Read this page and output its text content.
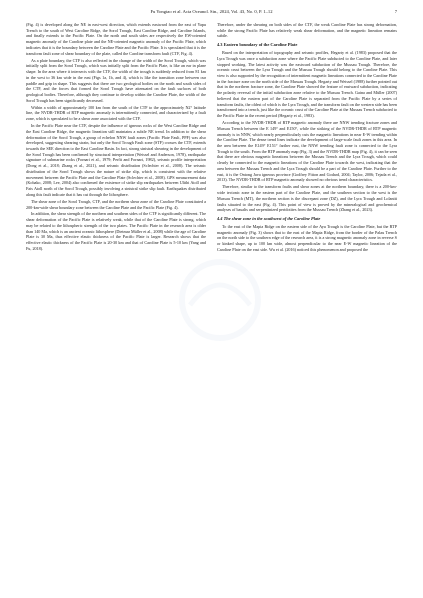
Fu Yongtao et al. Acta Oceanol. Sin., 2024, Vol. 43, No. 0, P. 1–12	7

(Fig. 4) is developed along the NE in east-west direction, which extends eastward from the east of Yapu Trench to the south of West Caroline Ridge, the Sorol Trough, East Caroline Ridge, and Caroline Islands, and finally extends to the Pacific Plate. On the north and south sides are respectively the EW-oriented magnetic anomaly of the Caroline plate and the NE-oriented magnetic anomaly of the Pacific Plate, which indicates that it is the boundary between the Caroline Plate and the Pacific Plate. It is speculated that it is the transform fault zone of shear boundary of the plate, called the Caroline transform fault (CTF, Fig. 4).

As a plate boundary, the CTF is also reflected in the change of the width of the Sorol Trough, which was initially split from the Sorol Trough, which was initially split from the Pacific Plate, is like an ear in plane shape. In the area where it intersects with the CTF, the width of the trough is suddenly reduced from 81 km in the west to 36 km wide in the east (Figs 1a, 1b, and 4), which is like the transition zone between our paddle and grip in shape. This suggests that there are two geological bodies on the north and south sides of the CTF, and the forces that formed the Sorol Trough have attenuated on the fault surfaces of both geological bodies. Therefore, although they continue to develop within the Caroline Plate, the width of the Sorol Trough has been significantly decreased.

Within a width of approximately 100 km from the south of the CTF to the approximately N2° latitude line, the NVDR-THDR of RTP magnetic anomaly is intermittently connected, and characterized by a fault zone, which is speculated to be a shear zone associated with the CTF.

In the Pacific Plate near the CTF, despite the influence of igneous rocks of the West Caroline Ridge and the East Caroline Ridge, the magnetic lineation still maintains a subtle NE trend. In addition to the shear deformation of the Sorol Trough, a group of echelon NNW fault zones (Pacific Plate Fault, PPF) was also developed, suggesting shearing strain, but only the Sorol Trough Fault zone (STF) crosses the CTF, extends towards the SEE direction to the East Caroline Basin. In fact, strong sinistral shearing in the development of the Sorol Trough has been confirmed by structural interpretation (Weissel and Anderson, 1978), earthquake signature of submarine rocks (Fornari et al., 1979; Perfit and Fornari, 1982), seismic profile interpretation (Dong et al., 2018; Zhang et al., 2021), and seismic distribution (Sclechter et al., 2008). The seismic distribution of the Sorol Trough shows the nature of strike slip, which is consistent with the relative movement between the Pacific Plate and the Caroline Plate (Sclechter et al., 2008). GPS measurement data (Kobako, 2008; Lee, 2004) also confirmed the existence of strike slip earthquakes between Ulithi Atoll and Fais Atoll north of the Sorol Trough, possibly involving a sinistral strike slip fault. Earthquakes distributed along this fault indicate that it has cut through the lithosphere.

The shear zone of the Sorol Trough, CTF, and the northern shear zone of the Caroline Plate constituted a 200-km-wide shear boundary zone between the Caroline Plate and the Pacific Plate (Fig. 4).

In addition, the shear strength of the northern and southern sides of the CTF is significantly different. The shear deformation of the Pacific Plate is relatively weak, while that of the Caroline Plate is strong, which may be related to the lithospheric strength of the two plates. The Pacific Plate in the research area is older than 140 Ma, which is an ancient oceanic lithosphere (Dietmar Müller et al., 2008) while the age of Caroline Plate is 30 Ma, thus effective elastic thickness of the Pacific Plate is larger. Research shows that the effective elastic thickness of the Pacific Plate is 20-30 km and that of Caroline Plate is 5-10 km (Yang and Fu, 2018).

Therefore, under the shearing on both sides of the CTF, the weak Caroline Plate has strong deformation, while the strong Pacific Plate has relatively weak shear deformation, and the magnetic lineation remains subtle.

4.3 Eastern boundary of the Caroline Plate

Based on the interpretation of topography and seismic profiles, Hegarty et al. (1983) proposed that the Lyra Trough was once a subduction zone where the Pacific Plate subducted to the Caroline Plate, and later stopped working. The latest activity was the eastward subduction of the Mussau Trough. Therefore, the oceanic crust between the Lyra Trough and the Mussau Trough should belong to the Caroline Plate. This view is also supported by the recognition of intermittent magnetic lineations connected to the Caroline Plate in the fracture zone on the north side of the Mussau Trough. Hegarty and Weissel (1988) further pointed out that in the northern fracture zone, the Caroline Plate showed the feature of eastward subduction, indicating the polarity reversal of the initial subduction zone relative to the Mussau Trench. Gaina and Müller (2007) believed that the eastern part of the Caroline Plate is separated from the Pacific Plate by a series of transform faults, the oldest of which is the Lyra Trough, and the transform fault on the western side has been transformed into a trench, just like the oceanic crust of the Caroline Plate at the Mussau Trench subducted to the Pacific Plate in the recent period (Hegarty et al., 1983).

According to the NVDR-THDR of RTP magnetic anomaly there are NNW trending fracture zones and Mussau Trench between the E 149° and E150°, while the striking of the NVDR-THDR of RTP magnetic anomaly is in NNW, which nearly perpendicularly cuts the magnetic lineations in near E-W trending within the Caroline Plate. The dense trend lines indicate the development of large-scale fault zones in this area. In the area between the E149° E151° farther east, the NNW trending fault zone is connected to the Lyra Trough to the south. From the RTP anomaly map (Fig. 3) and the NVDR-THDR map (Fig. 4), it can be seen that there are obvious magnetic lineations between the Mussau Trench and the Lyra Trough, which could clearly be connected to the magnetic lineations of the Caroline Plate towards the west, indicating that the area between the Mussau Trench and the Lyra Trough should be a part of the Caroline Plate. Further to the east, it is the Ontong Java igneous province (Godfrey Fitton and Godard, 2004; Taylor, 2006; Tejada et al., 2013). The NVDR-THDR of RTP magnetic anomaly showed no obvious trend characteristics.

Therefore, similar to the transform faults and shear zones at the northern boundary, there is a 200-km-wide tectonic zone in the eastern part of the Caroline Plate, and the southern section to the west is the Mussau Trench (MT), the northern section is the discrepant zone (DZ), and the Lyra Trough and Lolaniti faults situated to the east (Fig. 4). This point of view is proved by the mineralogical and geochemical analyses of basalts and serpentinized peridotites from the Mussau Trench (Zhang et al., 2023).

4.4 The shear zone in the southwest of the Caroline Plate

To the east of the Mapia Ridge on the eastern side of the Ayu Trough is the Caroline Plate, but the RTP magnetic anomaly (Fig. 3) shows that to the east of the Mapia Ridge, from the border of the Palau Trench on the north side to the southern edge of the research area, it is a strong magnetic anomaly zone in reverse S or kinked shape, up to 100 km wide, almost perpendicular to the near E-W magnetic lineation of the Caroline Plate on the east side. Wu et al. (2016) noticed this phenomenon and proposed the
